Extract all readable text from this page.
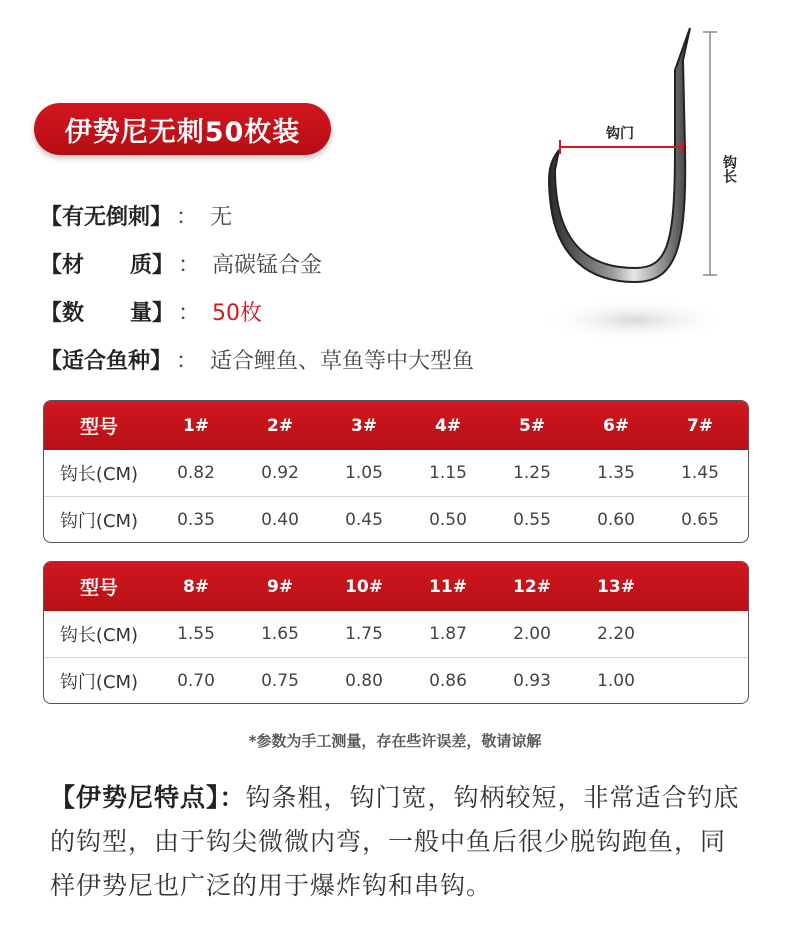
伊势尼无刺50枚装
【有无倒刺】 ： 无
【材      质】 ： 高碳锰合金
【数      量】 ： 50枚
【适合鱼种】 ： 适合鲤鱼、草鱼等中大型鱼
钩门
钩长
型号	1#	2#	3#	4#	5#	6#	7#
钩长(CM)	0.82	0.92	1.05	1.15	1.25	1.35	1.45
钩门(CM)	0.35	0.40	0.45	0.50	0.55	0.60	0.65
型号	8#	9#	10#	11#	12#	13#
钩长(CM)	1.55	1.65	1.75	1.87	2.00	2.20
钩门(CM)	0.70	0.75	0.80	0.86	0.93	1.00
*参数为手工测量，存在些许误差，敬请谅解
【伊势尼特点】：钩条粗，钩门宽，钩柄较短，非常适合钓底的钩型，由于钩尖微微内弯，一般中鱼后很少脱钩跑鱼，同样伊势尼也广泛的用于爆炸钩和串钩。
